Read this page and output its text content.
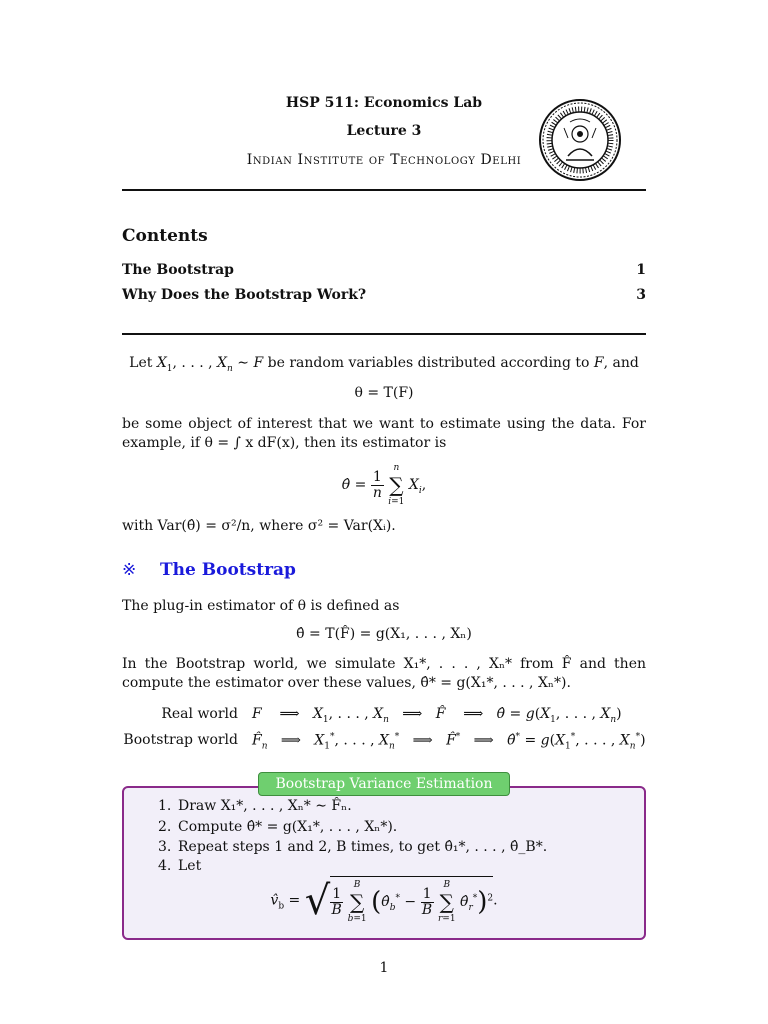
HSP 511: Economics Lab
Lecture 3
Indian Institute of Technology Delhi
Contents
The Bootstrap	1
Why Does the Bootstrap Work?	3
Let $X_1$, . . . , $X_n$ ∼ F be random variables distributed according to F, and
θ = T(F)
be some object of interest that we want to estimate using the data. For example, if θ = ∫ x dF(x), then its estimator is
θ̂ = $\frac{1}{n}$

n
∑
i=1
$X_i$,
with Var(θ̂) = σ²/n, where σ² = Var(Xᵢ).
※ The Bootstrap
The plug-in estimator of θ is defined as
θ̂ = T(F̂) = g(X₁, . . . , Xₙ)
In the Bootstrap world, we simulate X₁*, . . . , Xₙ* from F̂ and then compute the estimator over these values, θ̂* = g(X₁*, . . . , Xₙ*).
Real world F    ⟹   $X_1$, . . . , $X_n$   ⟹   F̂    ⟹   θ̂ = $g(X_1$, . . . , $X_n$)
Bootstrap world $F̂_n$   ⟹   $X_1^*$, . . . , $X_n^*$   ⟹   F̂*   ⟹   θ̂* = $g(X_1^*$, . . . , $X_n^*$)
Bootstrap Variance Estimation
1. Draw X₁*, . . . , Xₙ* ∼ F̂ₙ.
2. Compute θ̂* = g(X₁*, . . . , Xₙ*).
3. Repeat steps 1 and 2, B times, to get θ̂₁*, . . . , θ̂_B*.
4. Let
$v̂_b$ = √ $\frac{1}{B}$

B
∑
b=1
($\thetâ_b^* - \frac{1}{B}$

B
∑
r=1
$\thetâ_r^*)^2$.
1
